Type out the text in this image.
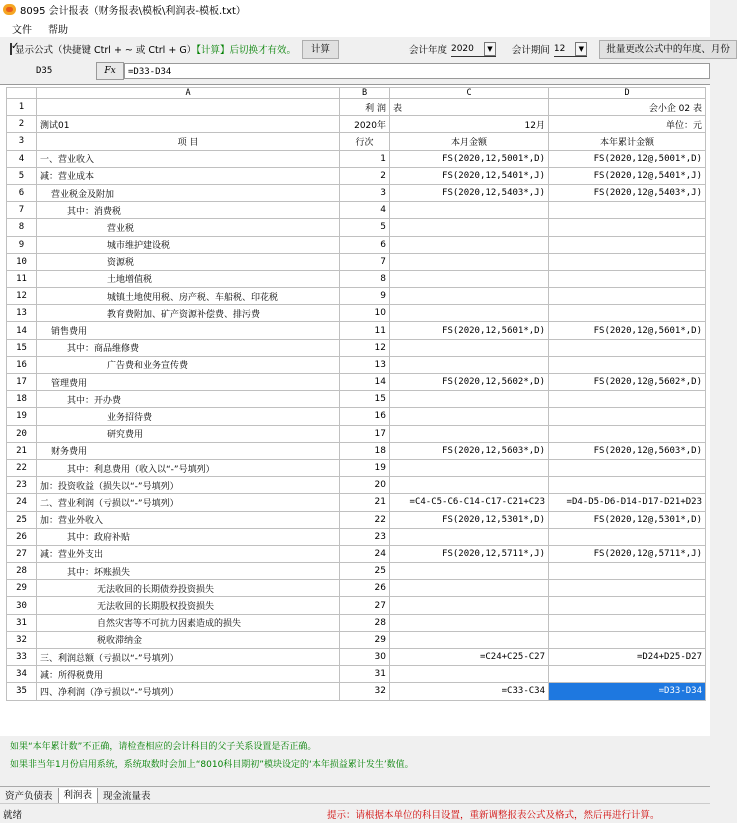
8095 会计报表（财务报表\模板\利润表-模板.txt）
文件 帮助
✓
显示公式（快捷键 Ctrl + ~ 或 Ctrl + G）【计算】后切换才有效。	计算	会计年度 2020	▼	会计期间 12	▼	批量更改公式中的年度、月份
D35	Fx	=D33-D34
	A	B	C	D
1		利 润	表	会小企 02 表
2	测试01	2020年	12月	单位：元
3	项 目	行次	本月金额	本年累计金额
4	一、营业收入	1	FS(2020,12,5001*,D)	FS(2020,12@,5001*,D)
5	减：营业成本	2	FS(2020,12,5401*,J)	FS(2020,12@,5401*,J)
6	营业税金及附加	3	FS(2020,12,5403*,J)	FS(2020,12@,5403*,J)
7	其中：消费税	4		
8	营业税	5		
9	城市维护建设税	6		
10	资源税	7		
11	土地增值税	8		
12	城镇土地使用税、房产税、车船税、印花税	9		
13	教育费附加、矿产资源补偿费、排污费	10		
14	销售费用	11	FS(2020,12,5601*,D)	FS(2020,12@,5601*,D)
15	其中：商品维修费	12		
16	广告费和业务宣传费	13		
17	管理费用	14	FS(2020,12,5602*,D)	FS(2020,12@,5602*,D)
18	其中：开办费	15		
19	业务招待费	16		
20	研究费用	17		
21	财务费用	18	FS(2020,12,5603*,D)	FS(2020,12@,5603*,D)
22	其中：利息费用（收入以“-”号填列）	19		
23	加：投资收益（损失以“-”号填列）	20		
24	二、营业利润（亏损以“-”号填列）	21	=C4-C5-C6-C14-C17-C21+C23	=D4-D5-D6-D14-D17-D21+D23
25	加：营业外收入	22	FS(2020,12,5301*,D)	FS(2020,12@,5301*,D)
26	其中：政府补贴	23		
27	减：营业外支出	24	FS(2020,12,5711*,J)	FS(2020,12@,5711*,J)
28	其中：坏账损失	25		
29	无法收回的长期债券投资损失	26		
30	无法收回的长期股权投资损失	27		
31	自然灾害等不可抗力因素造成的损失	28		
32	税收滞纳金	29		
33	三、利润总额（亏损以“-”号填列）	30	=C24+C25-C27	=D24+D25-D27
34	减：所得税费用	31		
35	四、净利润（净亏损以“-”号填列）	32	=C33-C34	=D33-D34
如果“本年累计数”不正确，请检查相应的会计科目的父子关系设置是否正确。
如果非当年1月份启用系统，系统取数时会加上“8010科目期初”模块设定的‘本年损益累计发生’数值。
资产负债表	利润表	现金流量表
就绪	提示：请根据本单位的科目设置，重新调整报表公式及格式，然后再进行计算。
